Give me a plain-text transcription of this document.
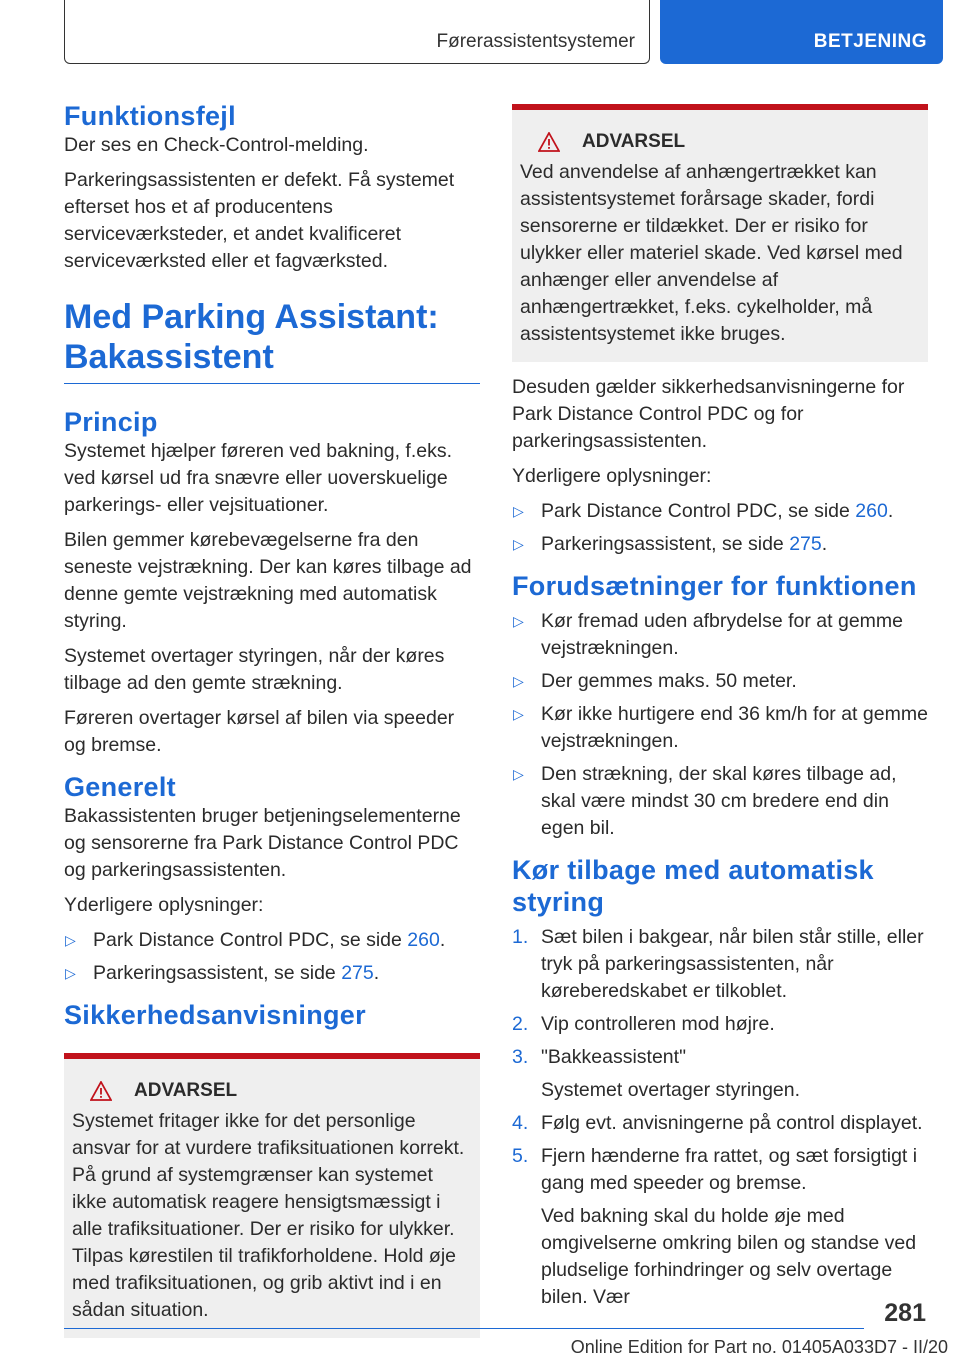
Førerassistentsystemer	BETJENING
Funktionsfejl

Der ses en Check-Control-melding.

Parkeringsassistenten er defekt. Få systemet efterset hos et af producentens serviceværksteder, et andet kvalificeret serviceværksted eller et fagværksted.

Med Parking Assistant:
Bakassistent
Princip

Systemet hjælper føreren ved bakning, f.eks. ved kørsel ud fra snævre eller uoverskuelige parkerings- eller vejsituationer.

Bilen gemmer kørebevægelserne fra den seneste vejstrækning. Der kan køres tilbage ad denne gemte vejstrækning med automatisk styring.

Systemet overtager styringen, når der køres tilbage ad den gemte strækning.

Føreren overtager kørsel af bilen via speeder og bremse.

Generelt

Bakassistenten bruger betjeningselementerne og sensorerne fra Park Distance Control PDC og parkeringsassistenten.

Yderligere oplysninger:

▷ Park Distance Control PDC, se side 260.
▷ Parkeringsassistent, se side 275.
Sikkerhedsanvisninger
ADVARSEL

Systemet fritager ikke for det personlige ansvar for at vurdere trafiksituationen korrekt. På grund af systemgrænser kan systemet ikke automatisk reagere hensigtsmæssigt i alle trafiksituationer. Der er risiko for ulykker. Tilpas kørestilen til trafikforholdene. Hold øje med trafiksituationen, og grib aktivt ind i en sådan situation.

ADVARSEL

Ved anvendelse af anhængertrækket kan assistentsystemet forårsage skader, fordi sensorerne er tildækket. Der er risiko for ulykker eller materiel skade. Ved kørsel med anhænger eller anvendelse af anhængertrækket, f.eks. cykelholder, må assistentsystemet ikke bruges.

Desuden gælder sikkerhedsanvisningerne for Park Distance Control PDC og for parkeringsassistenten.

Yderligere oplysninger:

▷ Park Distance Control PDC, se side 260.
▷ Parkeringsassistent, se side 275.
Forudsætninger for funktionen
▷ Kør fremad uden afbrydelse for at gemme vejstrækningen.
▷ Der gemmes maks. 50 meter.
▷ Kør ikke hurtigere end 36 km/h for at gemme vejstrækningen.
▷ Den strækning, der skal køres tilbage ad, skal være mindst 30 cm bredere end din egen bil.
Kør tilbage med automatisk styring
1. Sæt bilen i bakgear, når bilen står stille, eller tryk på parkeringsassistenten, når køreberedskabet er tilkoblet.
2. Vip controlleren mod højre.
3. "Bakkeassistent"
Systemet overtager styringen.
4. Følg evt. anvisningerne på control displayet.
5. Fjern hænderne fra rattet, og sæt forsigtigt i gang med speeder og bremse.
Ved bakning skal du holde øje med omgivelserne omkring bilen og standse ved pludselige forhindringer og selv overtage bilen. Vær
281
Online Edition for Part no. 01405A033D7 - II/20
